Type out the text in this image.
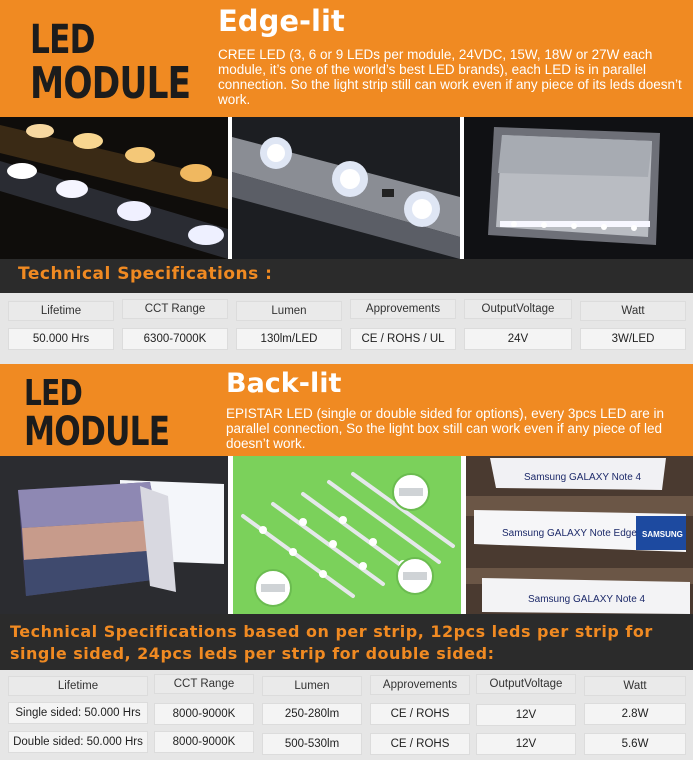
LED
MODULE
Edge-lit
CREE LED (3, 6 or 9 LEDs per module, 24VDC, 15W, 18W or 27W each module, it’s one of the world’s best LED brands), each LED is in parallel connection. So the light strip still can work even if any piece of its leds doesn’t work.
Technical Specifications :
Lifetime	CCT Range	Lumen	Approvements	OutputVoltage	Watt
50.000 Hrs	6300-7000K	130lm/LED	CE / ROHS / UL	24V	3W/LED
LED
MODULE
Back-lit
EPISTAR LED (single or double sided for options), every 3pcs LED are in parallel connection, So the light box still can work even if any piece of led doesn’t work.
Samsung GALAXY Note 4
Samsung GALAXY Note Edge SAMSUNG
Samsung GALAXY Note 4
Technical Specifications based on per strip, 12pcs leds per strip for single sided, 24pcs leds per strip for double sided:
Lifetime	CCT Range	Lumen	Approvements	OutputVoltage	Watt
Single sided: 50.000 Hrs	8000-9000K	250-280lm	CE / ROHS	12V	2.8W
Double sided: 50.000 Hrs	8000-9000K	500-530lm	CE / ROHS	12V	5.6W
